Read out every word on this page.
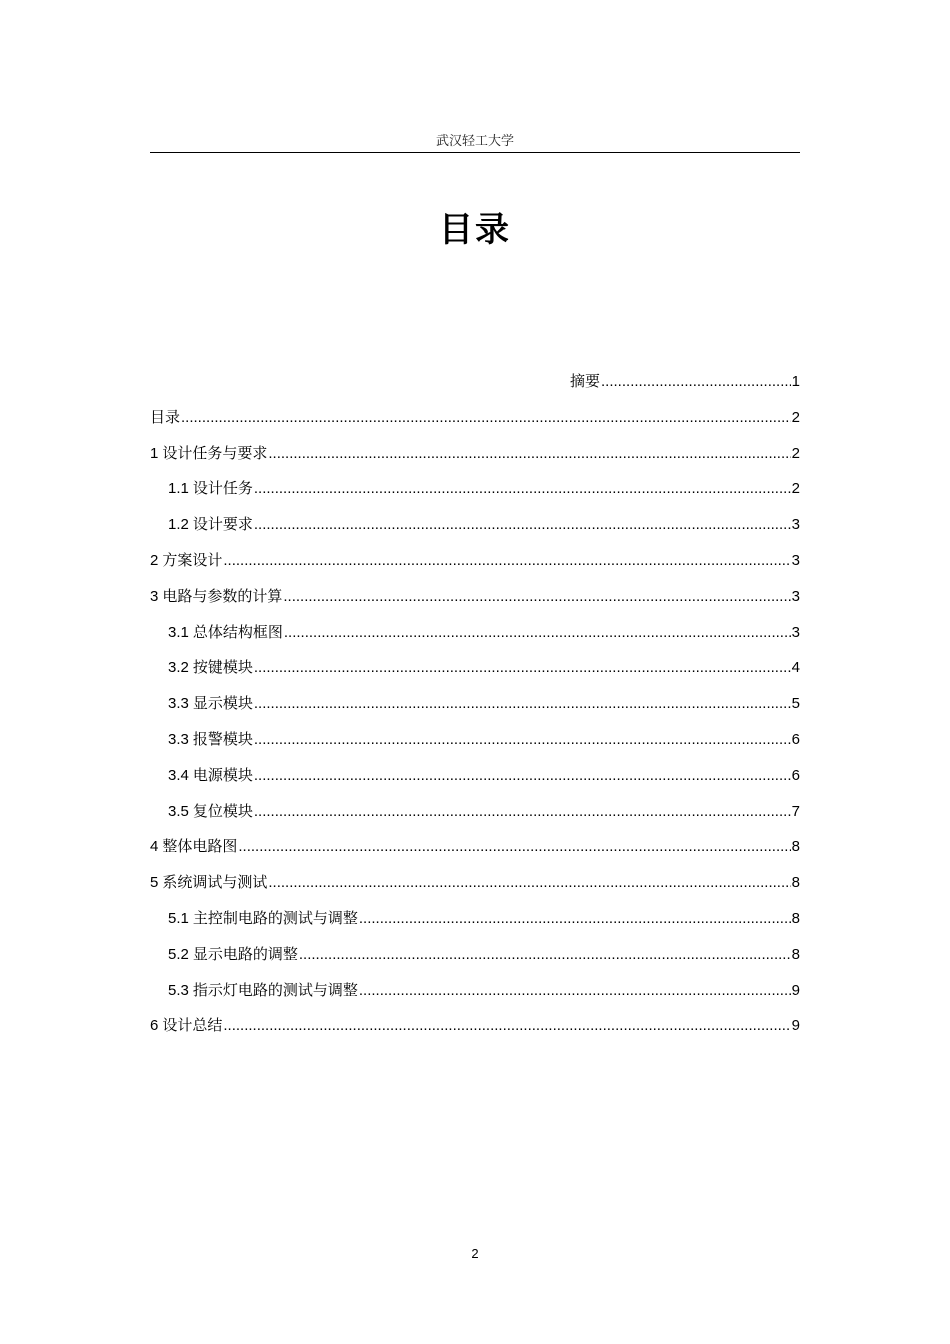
武汉轻工大学
目录
摘要 .....	1
目录 .....	2
1 设计任务与要求 .....	2
1.1 设计任务 .....	2
1.2 设计要求 .....	3
2 方案设计 .....	3
3 电路与参数的计算 .....	3
3.1 总体结构框图 .....	3
3.2 按键模块 .....	4
3.3 显示模块 .....	5
3.3 报警模块 .....	6
3.4 电源模块 .....	6
3.5 复位模块 .....	7
4 整体电路图 .....	8
5 系统调试与测试 .....	8
5.1 主控制电路的测试与调整 .....	8
5.2 显示电路的调整 .....	8
5.3 指示灯电路的测试与调整 .....	9
6 设计总结 .....	9
2
